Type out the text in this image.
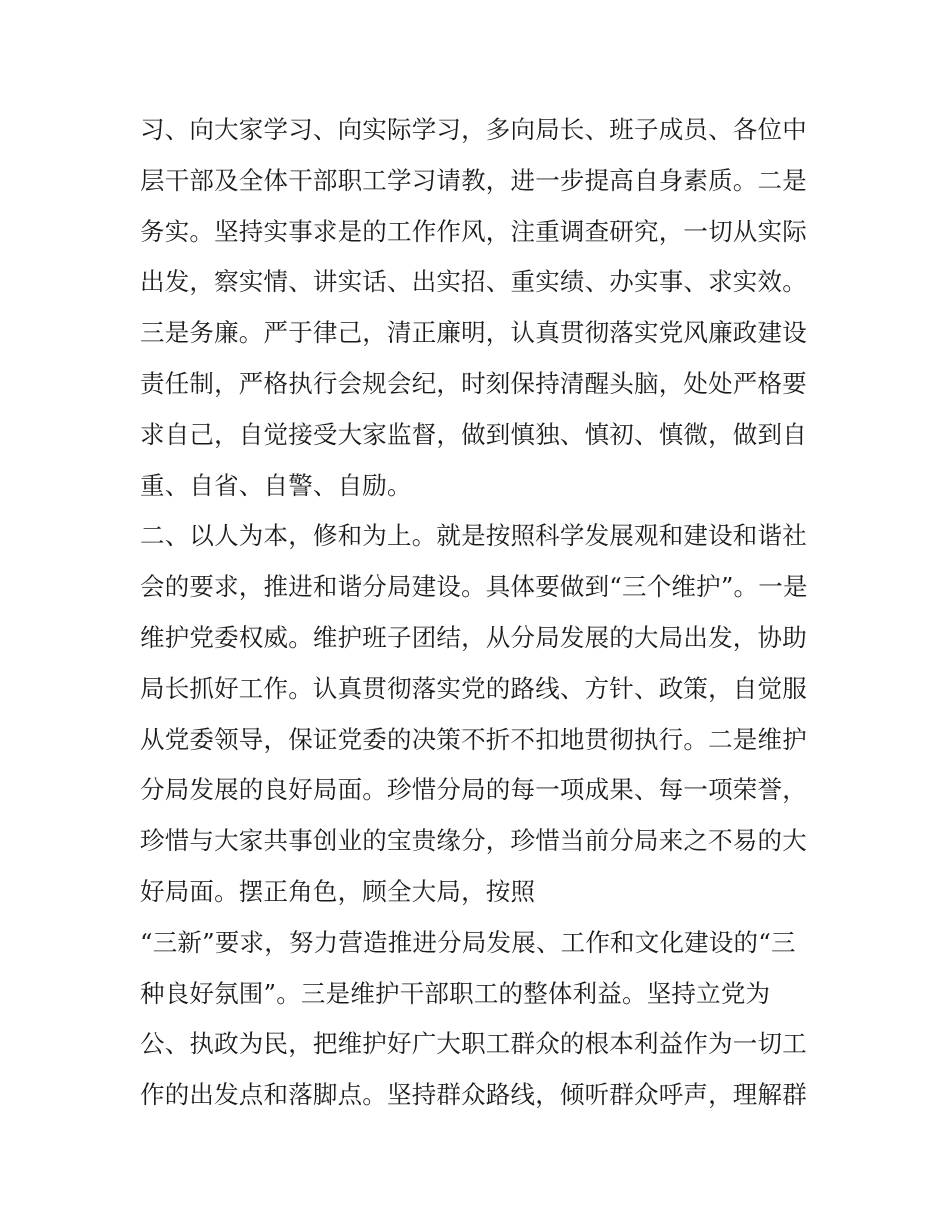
习、向大家学习、向实际学习，多向局长、班子成员、各位中
层干部及全体干部职工学习请教，进一步提高自身素质。二是
务实。坚持实事求是的工作作风，注重调查研究，一切从实际
出发，察实情、讲实话、出实招、重实绩、办实事、求实效。
三是务廉。严于律己，清正廉明，认真贯彻落实党风廉政建设
责任制，严格执行会规会纪，时刻保持清醒头脑，处处严格要
求自己，自觉接受大家监督，做到慎独、慎初、慎微，做到自
重、自省、自警、自励。
二、以人为本，修和为上。就是按照科学发展观和建设和谐社
会的要求，推进和谐分局建设。具体要做到“三个维护”。一是
维护党委权威。维护班子团结，从分局发展的大局出发，协助
局长抓好工作。认真贯彻落实党的路线、方针、政策，自觉服
从党委领导，保证党委的决策不折不扣地贯彻执行。二是维护
分局发展的良好局面。珍惜分局的每一项成果、每一项荣誉，
珍惜与大家共事创业的宝贵缘分，珍惜当前分局来之不易的大
好局面。摆正角色，顾全大局，按照
“三新”要求，努力营造推进分局发展、工作和文化建设的“三
种良好氛围”。三是维护干部职工的整体利益。坚持立党为
公、执政为民，把维护好广大职工群众的根本利益作为一切工
作的出发点和落脚点。坚持群众路线，倾听群众呼声，理解群
